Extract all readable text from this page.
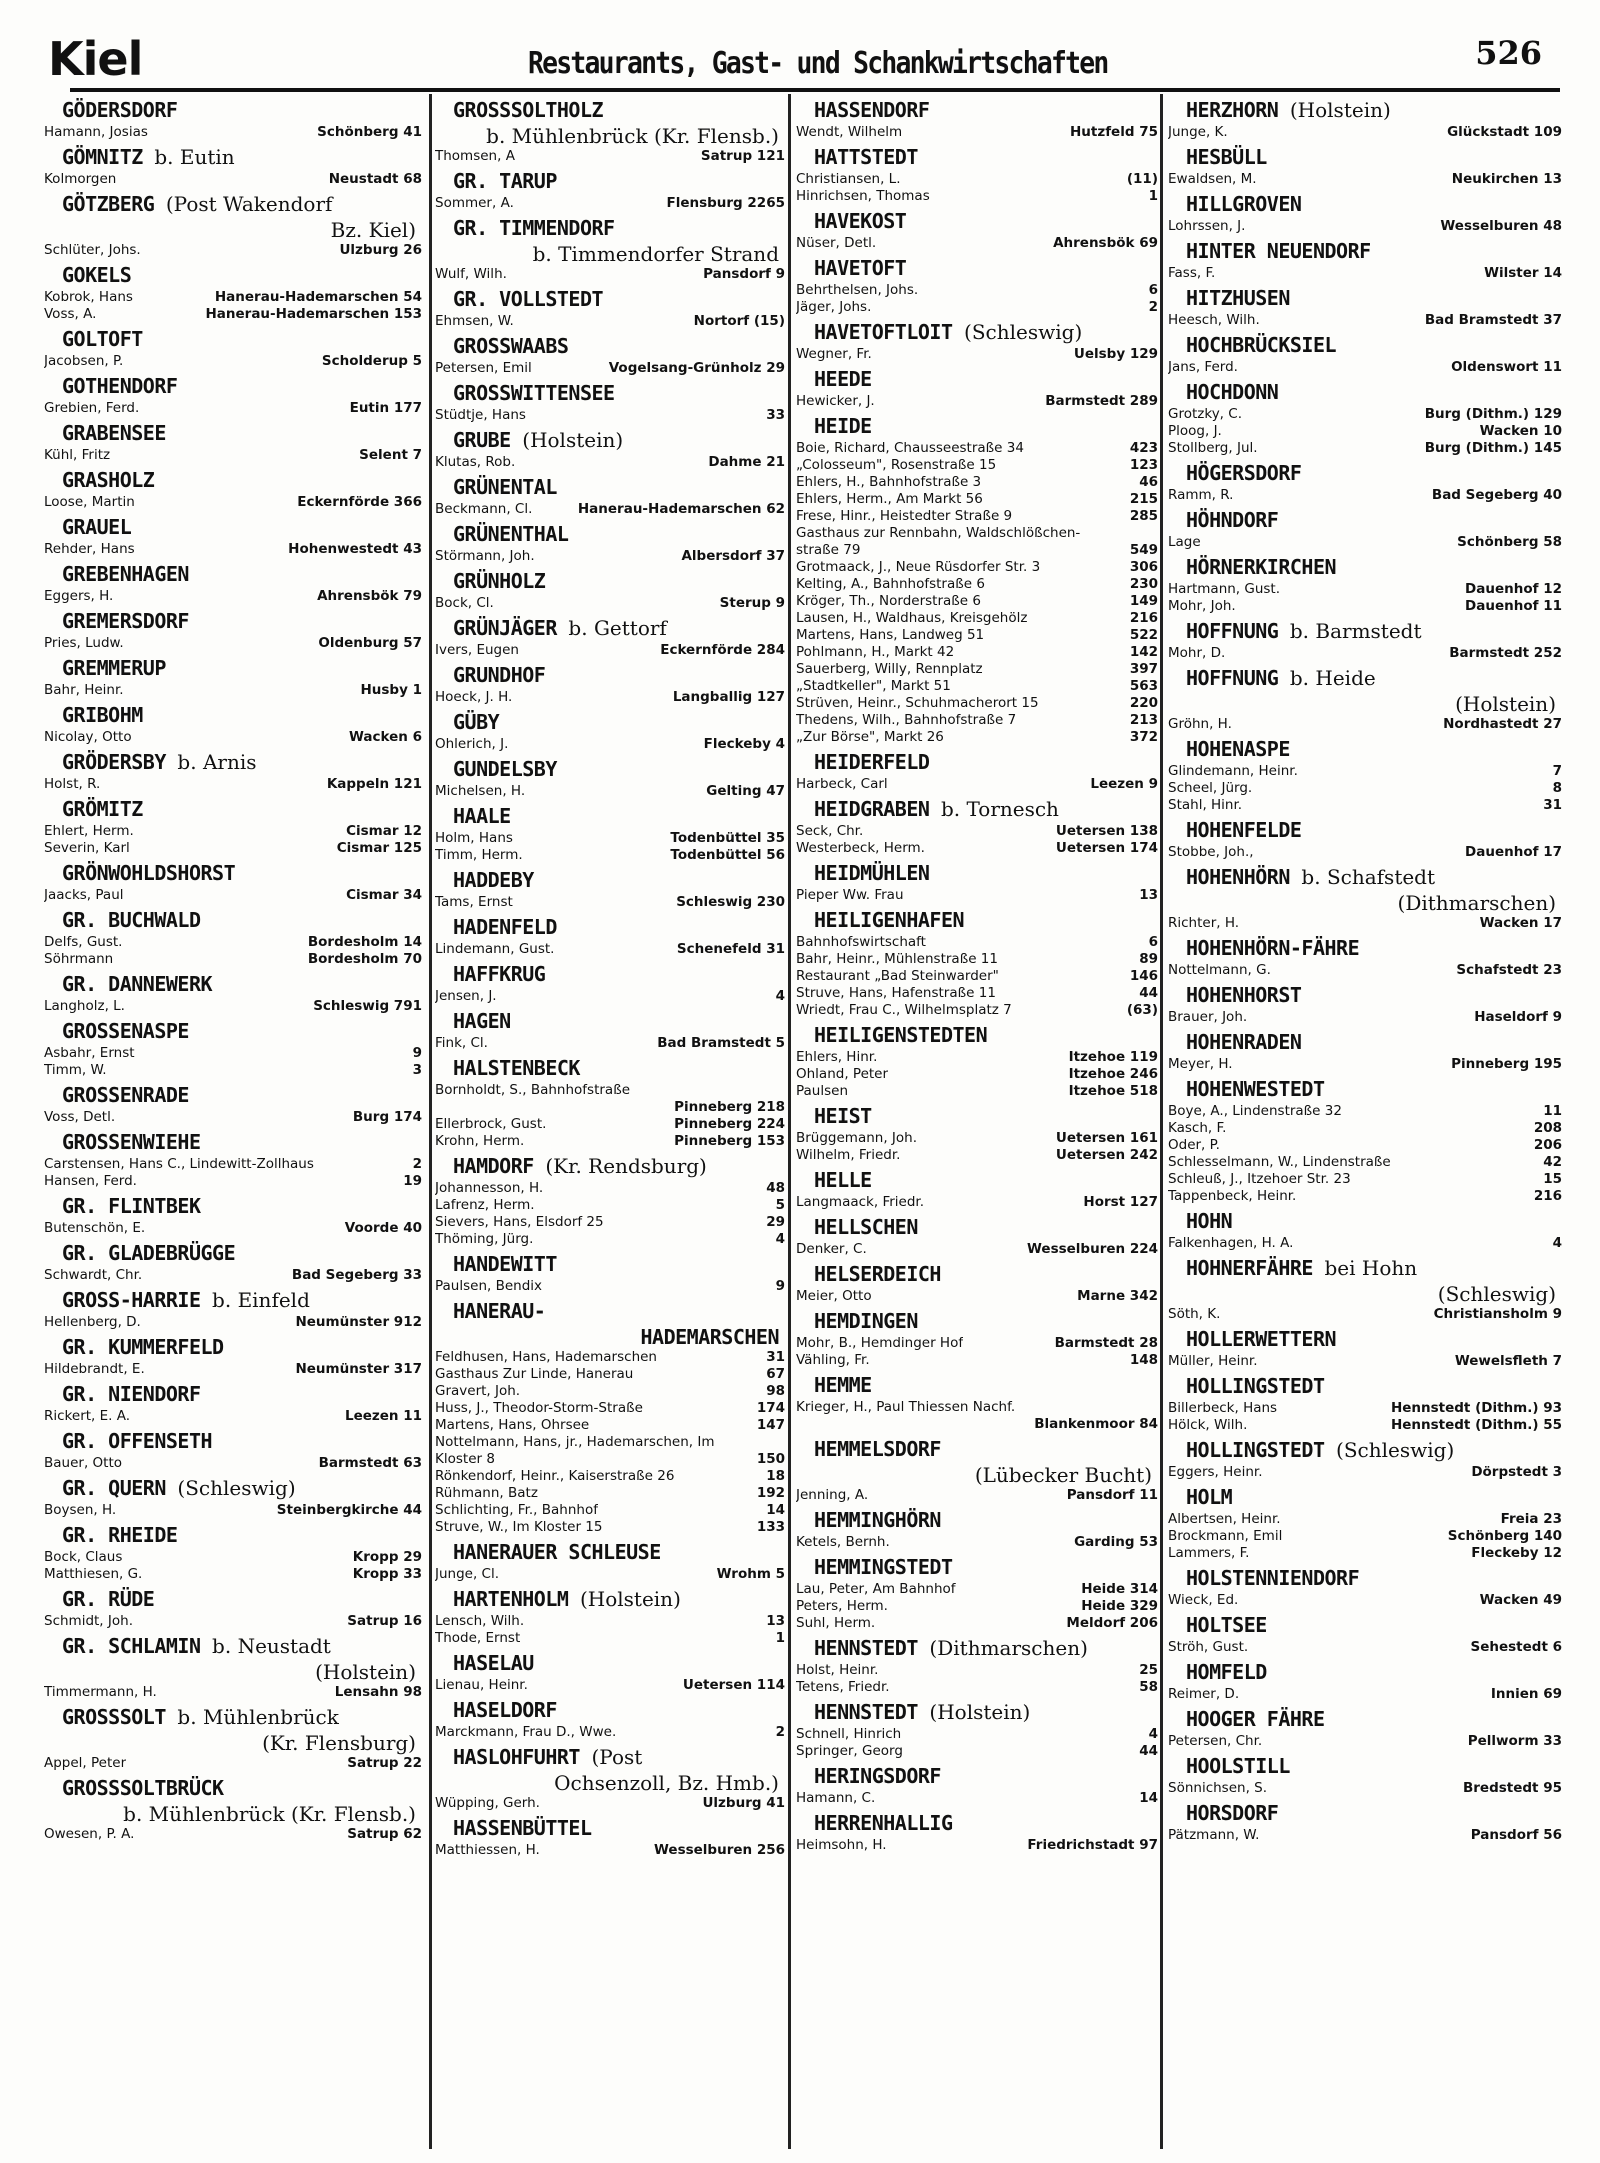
Kiel	Restaurants, Gast- und Schankwirtschaften	526
GÖDERSDORF
Hamann, Josias	Schönberg 41
GÖMNITZ b. Eutin
Kolmorgen	Neustadt 68
GÖTZBERG (Post Wakendorf
Bz. Kiel)
Schlüter, Johs.	Ulzburg 26
GOKELS
Kobrok, Hans	Hanerau-Hademarschen 54
Voss, A.	Hanerau-Hademarschen 153
GOLTOFT
Jacobsen, P.	Scholderup 5
GOTHENDORF
Grebien, Ferd.	Eutin 177
GRABENSEE
Kühl, Fritz	Selent 7
GRASHOLZ
Loose, Martin	Eckernförde 366
GRAUEL
Rehder, Hans	Hohenwestedt 43
GREBENHAGEN
Eggers, H.	Ahrensbök 79
GREMERSDORF
Pries, Ludw.	Oldenburg 57
GREMMERUP
Bahr, Heinr.	Husby 1
GRIBOHM
Nicolay, Otto	Wacken 6
GRÖDERSBY b. Arnis
Holst, R.	Kappeln 121
GRÖMITZ
Ehlert, Herm.	Cismar 12
Severin, Karl	Cismar 125
GRÖNWOHLDSHORST
Jaacks, Paul	Cismar 34
GR. BUCHWALD
Delfs, Gust.	Bordesholm 14
Söhrmann	Bordesholm 70
GR. DANNEWERK
Langholz, L.	Schleswig 791
GROSSENASPE
Asbahr, Ernst	9
Timm, W.	3
GROSSENRADE
Voss, Detl.	Burg 174
GROSSENWIEHE
Carstensen, Hans C., Lindewitt-Zollhaus	2
Hansen, Ferd.	19
GR. FLINTBEK
Butenschön, E.	Voorde 40
GR. GLADEBRÜGGE
Schwardt, Chr.	Bad Segeberg 33
GROSS-HARRIE b. Einfeld
Hellenberg, D.	Neumünster 912
GR. KUMMERFELD
Hildebrandt, E.	Neumünster 317
GR. NIENDORF
Rickert, E. A.	Leezen 11
GR. OFFENSETH
Bauer, Otto	Barmstedt 63
GR. QUERN (Schleswig)
Boysen, H.	Steinbergkirche 44
GR. RHEIDE
Bock, Claus	Kropp 29
Matthiesen, G.	Kropp 33
GR. RÜDE
Schmidt, Joh.	Satrup 16
GR. SCHLAMIN b. Neustadt
(Holstein)
Timmermann, H.	Lensahn 98
GROSSSOLT b. Mühlenbrück
(Kr. Flensburg)
Appel, Peter	Satrup 22
GROSSSOLTBRÜCK
b. Mühlenbrück (Kr. Flensb.)
Owesen, P. A.	Satrup 62
GROSSSOLTHOLZ
b. Mühlenbrück (Kr. Flensb.)
Thomsen, A	Satrup 121
GR. TARUP
Sommer, A.	Flensburg 2265
GR. TIMMENDORF
b. Timmendorfer Strand
Wulf, Wilh.	Pansdorf 9
GR. VOLLSTEDT
Ehmsen, W.	Nortorf (15)
GROSSWAABS
Petersen, Emil	Vogelsang-Grünholz 29
GROSSWITTENSEE
Stüdtje, Hans	33
GRUBE (Holstein)
Klutas, Rob.	Dahme 21
GRÜNENTAL
Beckmann, Cl.	Hanerau-Hademarschen 62
GRÜNENTHAL
Störmann, Joh.	Albersdorf 37
GRÜNHOLZ
Bock, Cl.	Sterup 9
GRÜNJÄGER b. Gettorf
Ivers, Eugen	Eckernförde 284
GRUNDHOF
Hoeck, J. H.	Langballig 127
GÜBY
Ohlerich, J.	Fleckeby 4
GUNDELSBY
Michelsen, H.	Gelting 47
HAALE
Holm, Hans	Todenbüttel 35
Timm, Herm.	Todenbüttel 56
HADDEBY
Tams, Ernst	Schleswig 230
HADENFELD
Lindemann, Gust.	Schenefeld 31
HAFFKRUG
Jensen, J.	4
HAGEN
Fink, Cl.	Bad Bramstedt 5
HALSTENBECK
Bornholdt, S., Bahnhofstraße
Pinneberg 218
Ellerbrock, Gust.	Pinneberg 224
Krohn, Herm.	Pinneberg 153
HAMDORF (Kr. Rendsburg)
Johannesson, H.	48
Lafrenz, Herm.	5
Sievers, Hans, Elsdorf 25	29
Thöming, Jürg.	4
HANDEWITT
Paulsen, Bendix	9
HANERAU-
HADEMARSCHEN
Feldhusen, Hans, Hademarschen	31
Gasthaus Zur Linde, Hanerau	67
Gravert, Joh.	98
Huss, J., Theodor-Storm-Straße	174
Martens, Hans, Ohrsee	147
Nottelmann, Hans, jr., Hademarschen, Im
Kloster 8	150
Rönkendorf, Heinr., Kaiserstraße 26	18
Rühmann, Batz	192
Schlichting, Fr., Bahnhof	14
Struve, W., Im Kloster 15	133
HANERAUER SCHLEUSE
Junge, Cl.	Wrohm 5
HARTENHOLM (Holstein)
Lensch, Wilh.	13
Thode, Ernst	1
HASELAU
Lienau, Heinr.	Uetersen 114
HASELDORF
Marckmann, Frau D., Wwe.	2
HASLOHFUHRT (Post
Ochsenzoll, Bz. Hmb.)
Wüpping, Gerh.	Ulzburg 41
HASSENBÜTTEL
Matthiessen, H.	Wesselburen 256
HASSENDORF
Wendt, Wilhelm	Hutzfeld 75
HATTSTEDT
Christiansen, L.	(11)
Hinrichsen, Thomas	1
HAVEKOST
Nüser, Detl.	Ahrensbök 69
HAVETOFT
Behrthelsen, Johs.	6
Jäger, Johs.	2
HAVETOFTLOIT (Schleswig)
Wegner, Fr.	Uelsby 129
HEEDE
Hewicker, J.	Barmstedt 289
HEIDE
Boie, Richard, Chausseestraße 34	423
„Colosseum", Rosenstraße 15	123
Ehlers, H., Bahnhofstraße 3	46
Ehlers, Herm., Am Markt 56	215
Frese, Hinr., Heistedter Straße 9	285
Gasthaus zur Rennbahn, Waldschlößchen-
straße 79	549
Grotmaack, J., Neue Rüsdorfer Str. 3	306
Kelting, A., Bahnhofstraße 6	230
Kröger, Th., Norderstraße 6	149
Lausen, H., Waldhaus, Kreisgehölz	216
Martens, Hans, Landweg 51	522
Pohlmann, H., Markt 42	142
Sauerberg, Willy, Rennplatz	397
„Stadtkeller", Markt 51	563
Strüven, Heinr., Schuhmacherort 15	220
Thedens, Wilh., Bahnhofstraße 7	213
„Zur Börse", Markt 26	372
HEIDERFELD
Harbeck, Carl	Leezen 9
HEIDGRABEN b. Tornesch
Seck, Chr.	Uetersen 138
Westerbeck, Herm.	Uetersen 174
HEIDMÜHLEN
Pieper Ww. Frau	13
HEILIGENHAFEN
Bahnhofswirtschaft	6
Bahr, Heinr., Mühlenstraße 11	89
Restaurant „Bad Steinwarder"	146
Struve, Hans, Hafenstraße 11	44
Wriedt, Frau C., Wilhelmsplatz 7	(63)
HEILIGENSTEDTEN
Ehlers, Hinr.	Itzehoe 119
Ohland, Peter	Itzehoe 246
Paulsen	Itzehoe 518
HEIST
Brüggemann, Joh.	Uetersen 161
Wilhelm, Friedr.	Uetersen 242
HELLE
Langmaack, Friedr.	Horst 127
HELLSCHEN
Denker, C.	Wesselburen 224
HELSERDEICH
Meier, Otto	Marne 342
HEMDINGEN
Mohr, B., Hemdinger Hof	Barmstedt 28
Vähling, Fr.	148
HEMME
Krieger, H., Paul Thiessen Nachf.
Blankenmoor 84
HEMMELSDORF
(Lübecker Bucht)
Jenning, A.	Pansdorf 11
HEMMINGHÖRN
Ketels, Bernh.	Garding 53
HEMMINGSTEDT
Lau, Peter, Am Bahnhof	Heide 314
Peters, Herm.	Heide 329
Suhl, Herm.	Meldorf 206
HENNSTEDT (Dithmarschen)
Holst, Heinr.	25
Tetens, Friedr.	58
HENNSTEDT (Holstein)
Schnell, Hinrich	4
Springer, Georg	44
HERINGSDORF
Hamann, C.	14
HERRENHALLIG
Heimsohn, H.	Friedrichstadt 97
HERZHORN (Holstein)
Junge, K.	Glückstadt 109
HESBÜLL
Ewaldsen, M.	Neukirchen 13
HILLGROVEN
Lohrssen, J.	Wesselburen 48
HINTER NEUENDORF
Fass, F.	Wilster 14
HITZHUSEN
Heesch, Wilh.	Bad Bramstedt 37
HOCHBRÜCKSIEL
Jans, Ferd.	Oldenswort 11
HOCHDONN
Grotzky, C.	Burg (Dithm.) 129
Ploog, J.	Wacken 10
Stollberg, Jul.	Burg (Dithm.) 145
HÖGERSDORF
Ramm, R.	Bad Segeberg 40
HÖHNDORF
Lage	Schönberg 58
HÖRNERKIRCHEN
Hartmann, Gust.	Dauenhof 12
Mohr, Joh.	Dauenhof 11
HOFFNUNG b. Barmstedt
Mohr, D.	Barmstedt 252
HOFFNUNG b. Heide
(Holstein)
Gröhn, H.	Nordhastedt 27
HOHENASPE
Glindemann, Heinr.	7
Scheel, Jürg.	8
Stahl, Hinr.	31
HOHENFELDE
Stobbe, Joh.,	Dauenhof 17
HOHENHÖRN b. Schafstedt
(Dithmarschen)
Richter, H.	Wacken 17
HOHENHÖRN-FÄHRE
Nottelmann, G.	Schafstedt 23
HOHENHORST
Brauer, Joh.	Haseldorf 9
HOHENRADEN
Meyer, H.	Pinneberg 195
HOHENWESTEDT
Boye, A., Lindenstraße 32	11
Kasch, F.	208
Oder, P.	206
Schlesselmann, W., Lindenstraße	42
Schleuß, J., Itzehoer Str. 23	15
Tappenbeck, Heinr.	216
HOHN
Falkenhagen, H. A.	4
HOHNERFÄHRE bei Hohn
(Schleswig)
Söth, K.	Christiansholm 9
HOLLERWETTERN
Müller, Heinr.	Wewelsfleth 7
HOLLINGSTEDT
Billerbeck, Hans	Hennstedt (Dithm.) 93
Hölck, Wilh.	Hennstedt (Dithm.) 55
HOLLINGSTEDT (Schleswig)
Eggers, Heinr.	Dörpstedt 3
HOLM
Albertsen, Heinr.	Freia 23
Brockmann, Emil	Schönberg 140
Lammers, F.	Fleckeby 12
HOLSTENNIENDORF
Wieck, Ed.	Wacken 49
HOLTSEE
Ströh, Gust.	Sehestedt 6
HOMFELD
Reimer, D.	Innien 69
HOOGER FÄHRE
Petersen, Chr.	Pellworm 33
HOOLSTILL
Sönnichsen, S.	Bredstedt 95
HORSDORF
Pätzmann, W.	Pansdorf 56
